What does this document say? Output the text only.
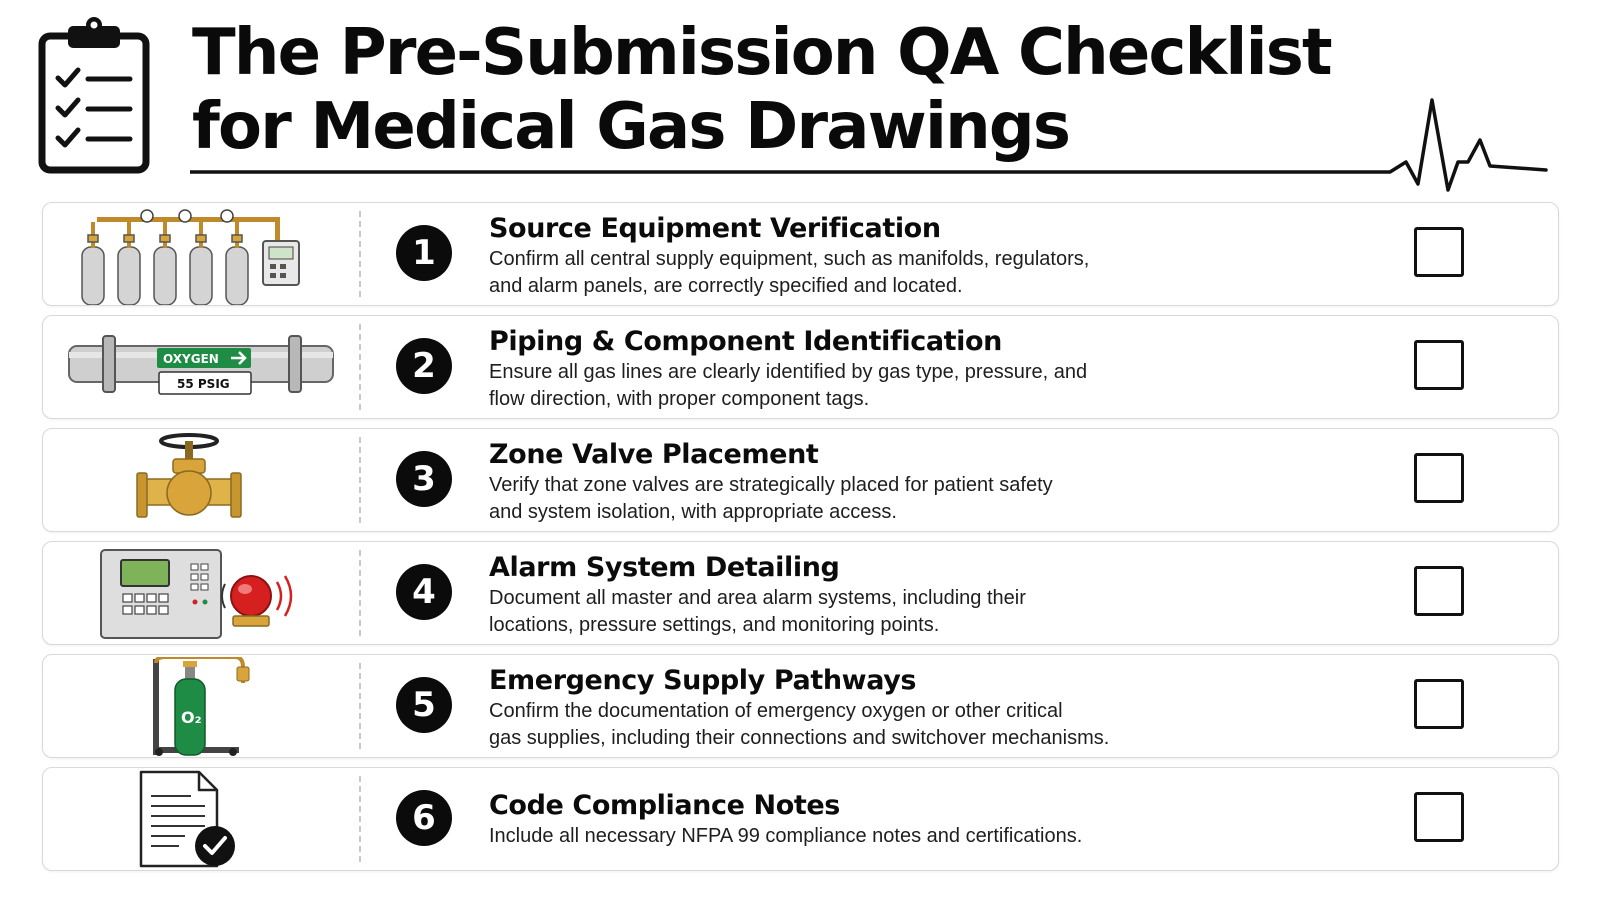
The Pre-Submission QA Checklist
for Medical Gas Drawings
1
Source Equipment Verification
Confirm all central supply equipment, such as manifolds, regulators,
and alarm panels, are correctly specified and located.
OXYGEN
55 PSIG	2
Piping & Component Identification
Ensure all gas lines are clearly identified by gas type, pressure, and
flow direction, with proper component tags.
3
Zone Valve Placement
Verify that zone valves are strategically placed for patient safety
and system isolation, with appropriate access.
4
Alarm System Detailing
Document all master and area alarm systems, including their
locations, pressure settings, and monitoring points.
O₂	5
Emergency Supply Pathways
Confirm the documentation of emergency oxygen or other critical
gas supplies, including their connections and switchover mechanisms.
6	Code Compliance Notes
Include all necessary NFPA 99 compliance notes and certifications.
